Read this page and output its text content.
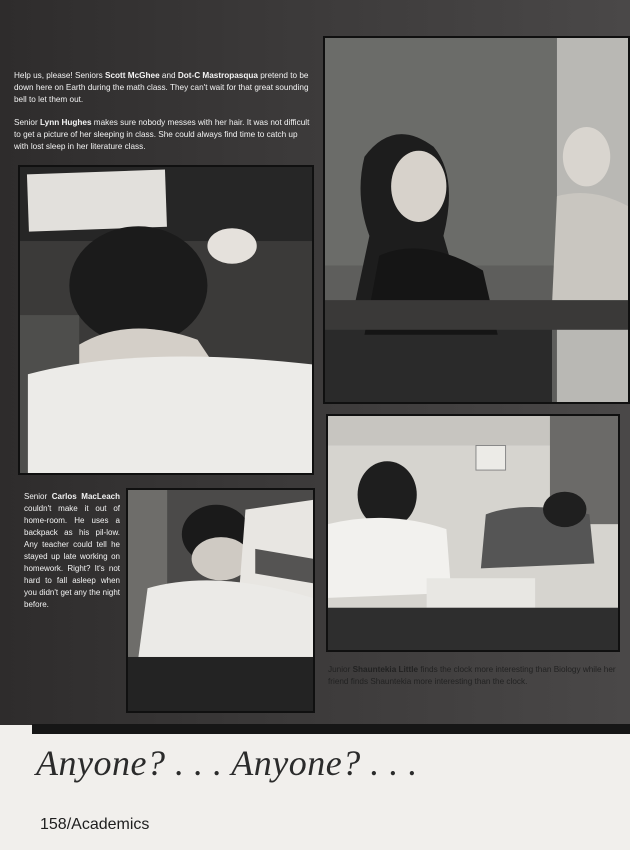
Help us, please! Seniors Scott McGhee and Dot-C Mastropasqua pretend to be down here on Earth during the math class. They can't wait for that great sounding bell to let them out.
Senior Lynn Hughes makes sure nobody messes with her hair. It was not difficult to get a picture of her sleeping in class. She could always find time to catch up with lost sleep in her literature class.
Senior Carlos MacLeach couldn't make it out of home-room. He uses a backpack as his pil-low. Any teacher could tell he stayed up late working on homework. Right? It's not hard to fall asleep when you didn't get any the night before.
Junior Shauntekia Little finds the clock more interesting than Biology while her friend finds Shauntekia more interesting than the clock.
Anyone? . . . Anyone? . . .
158/Academics
